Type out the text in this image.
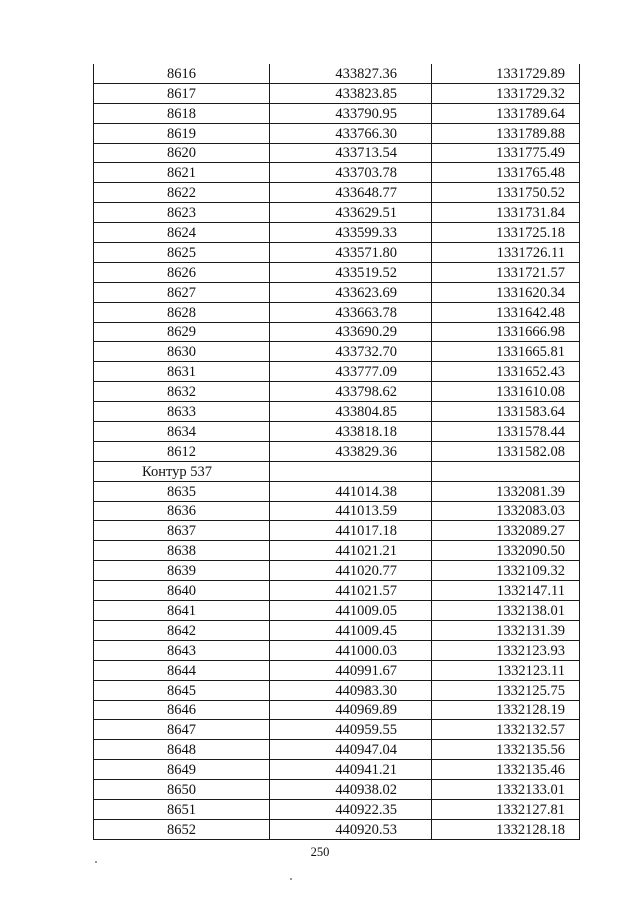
8616	433827.36	1331729.89
8617	433823.85	1331729.32
8618	433790.95	1331789.64
8619	433766.30	1331789.88
8620	433713.54	1331775.49
8621	433703.78	1331765.48
8622	433648.77	1331750.52
8623	433629.51	1331731.84
8624	433599.33	1331725.18
8625	433571.80	1331726.11
8626	433519.52	1331721.57
8627	433623.69	1331620.34
8628	433663.78	1331642.48
8629	433690.29	1331666.98
8630	433732.70	1331665.81
8631	433777.09	1331652.43
8632	433798.62	1331610.08
8633	433804.85	1331583.64
8634	433818.18	1331578.44
8612	433829.36	1331582.08
Контур 537		
8635	441014.38	1332081.39
8636	441013.59	1332083.03
8637	441017.18	1332089.27
8638	441021.21	1332090.50
8639	441020.77	1332109.32
8640	441021.57	1332147.11
8641	441009.05	1332138.01
8642	441009.45	1332131.39
8643	441000.03	1332123.93
8644	440991.67	1332123.11
8645	440983.30	1332125.75
8646	440969.89	1332128.19
8647	440959.55	1332132.57
8648	440947.04	1332135.56
8649	440941.21	1332135.46
8650	440938.02	1332133.01
8651	440922.35	1332127.81
8652	440920.53	1332128.18
250
